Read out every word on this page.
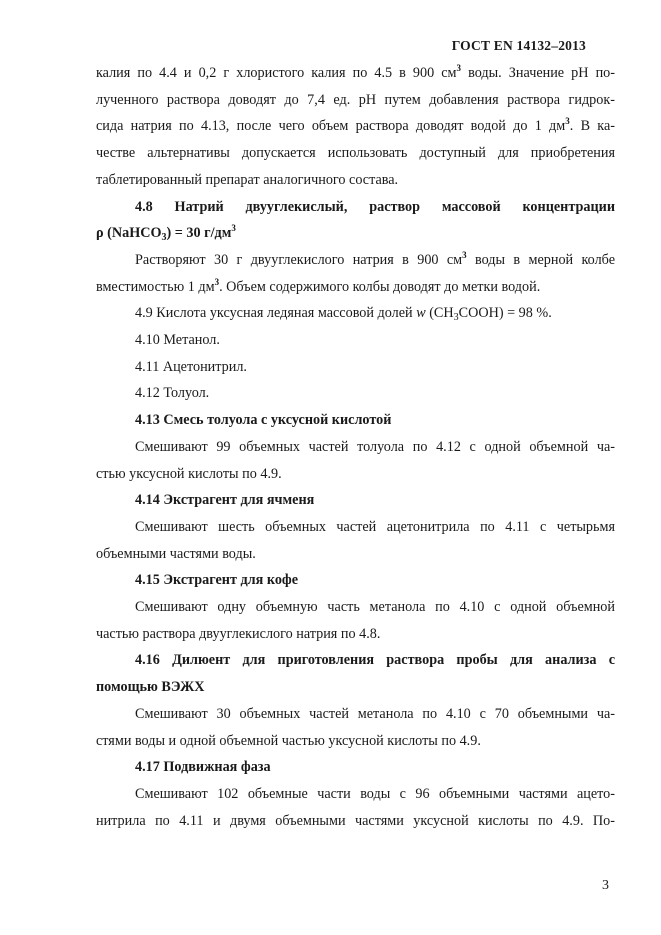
ГОСТ EN 14132–2013

калия по 4.4 и 0,2 г хлористого калия по 4.5 в 900 $см^3$ воды. Значение pH по-

лученного раствора доводят до 7,4 ед. pH путем добавления раствора гидрок-

сида натрия по 4.13, после чего объем раствора доводят водой до 1 $дм^3$. В ка-

честве альтернативы допускается использовать доступный для приобретения

таблетированный препарат аналогичного состава.

4.8 Натрий двууглекислый, раствор массовой концентрации

ρ (NaHCO$_3$) = 30 $г/дм^3$

Растворяют 30 г двууглекислого натрия в 900 $см^3$ воды в мерной колбе

вместимостью 1 $дм^3$. Объем содержимого колбы доводят до метки водой.

4.9 Кислота уксусная ледяная массовой долей w $(CH_3COOH) = 98$ %.

4.10 Метанол.

4.11 Ацетонитрил.

4.12 Толуол.

4.13 Смесь толуола с уксусной кислотой

Смешивают 99 объемных частей толуола по 4.12 с одной объемной ча-

стью уксусной кислоты по 4.9.

4.14 Экстрагент для ячменя

Смешивают шесть объемных частей ацетонитрила по 4.11 с четырьмя

объемными частями воды.

4.15 Экстрагент для кофе

Смешивают одну объемную часть метанола по 4.10 с одной объемной

частью раствора двууглекислого натрия по 4.8.

4.16 Дилюент для приготовления раствора пробы для анализа с

помощью ВЭЖХ

Смешивают 30 объемных частей метанола по 4.10 с 70 объемными ча-

стями воды и одной объемной частью уксусной кислоты по 4.9.

4.17 Подвижная фаза

Смешивают 102 объемные части воды с 96 объемными частями ацето-

нитрила по 4.11 и двумя объемными частями уксусной кислоты по 4.9. По-

3
